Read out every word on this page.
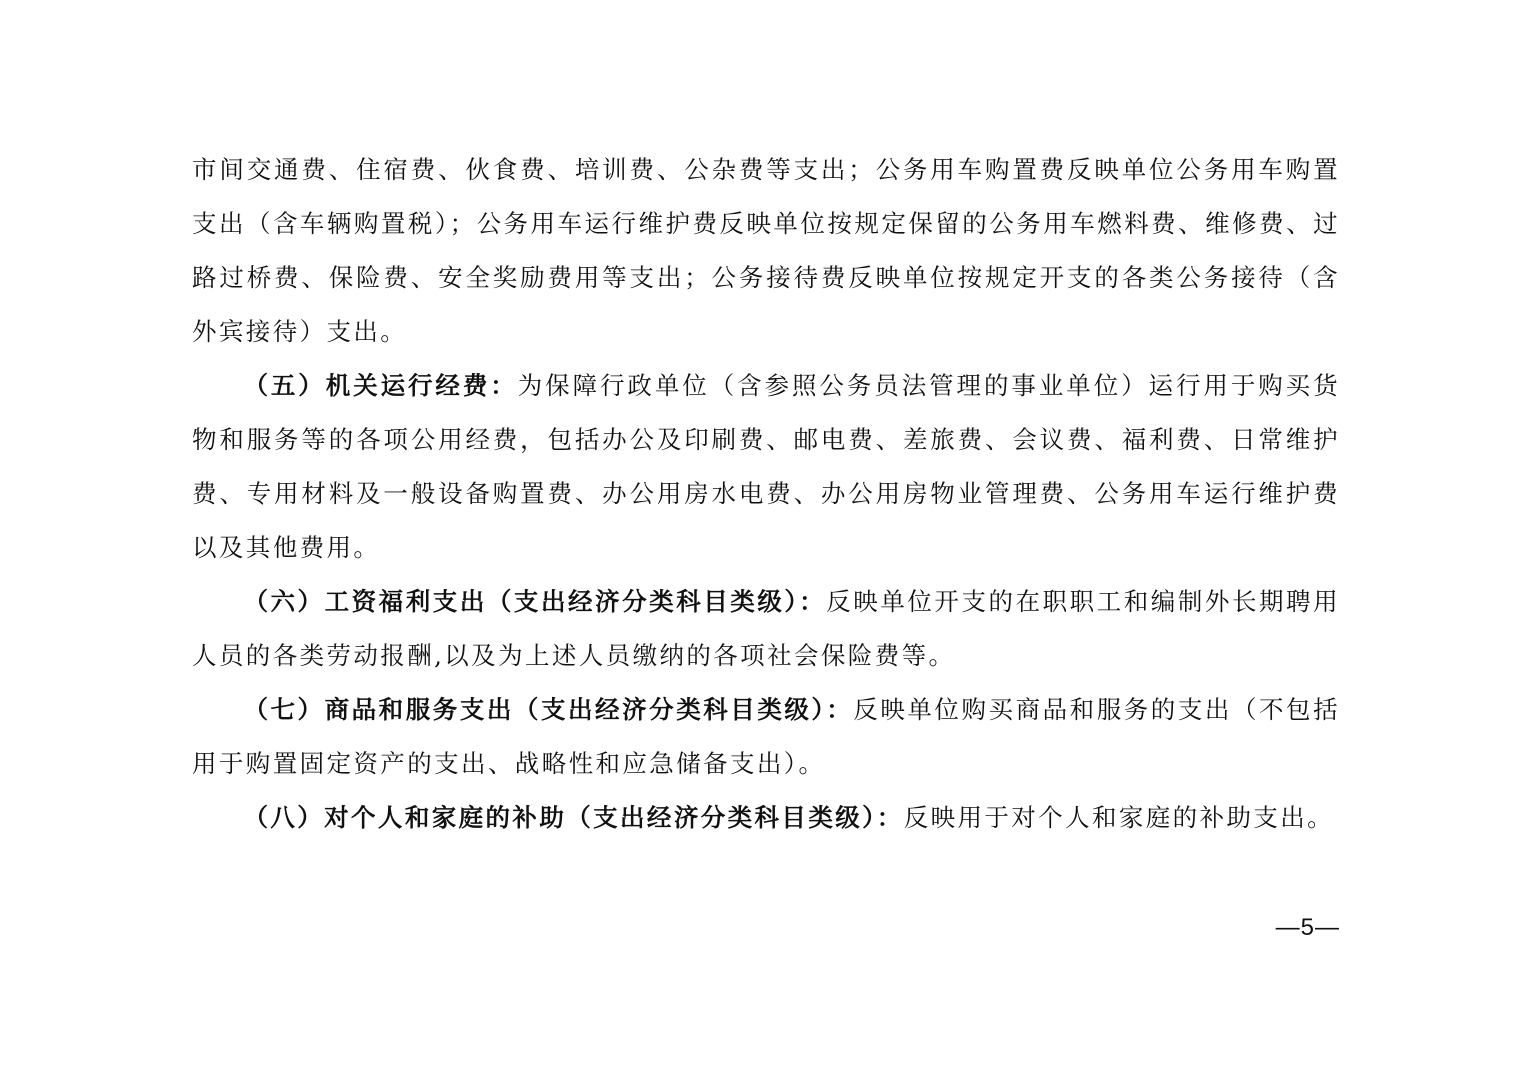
市间交通费、住宿费、伙食费、培训费、公杂费等支出；公务用车购置费反映单位公务用车购置支出（含车辆购置税）；公务用车运行维护费反映单位按规定保留的公务用车燃料费、维修费、过路过桥费、保险费、安全奖励费用等支出；公务接待费反映单位按规定开支的各类公务接待（含外宾接待）支出。

（五）机关运行经费：为保障行政单位（含参照公务员法管理的事业单位）运行用于购买货物和服务等的各项公用经费，包括办公及印刷费、邮电费、差旅费、会议费、福利费、日常维护费、专用材料及一般设备购置费、办公用房水电费、办公用房物业管理费、公务用车运行维护费以及其他费用。

（六）工资福利支出（支出经济分类科目类级）：反映单位开支的在职职工和编制外长期聘用人员的各类劳动报酬,以及为上述人员缴纳的各项社会保险费等。

（七）商品和服务支出（支出经济分类科目类级）：反映单位购买商品和服务的支出（不包括用于购置固定资产的支出、战略性和应急储备支出）。

（八）对个人和家庭的补助（支出经济分类科目类级）：反映用于对个人和家庭的补助支出。

—5—
